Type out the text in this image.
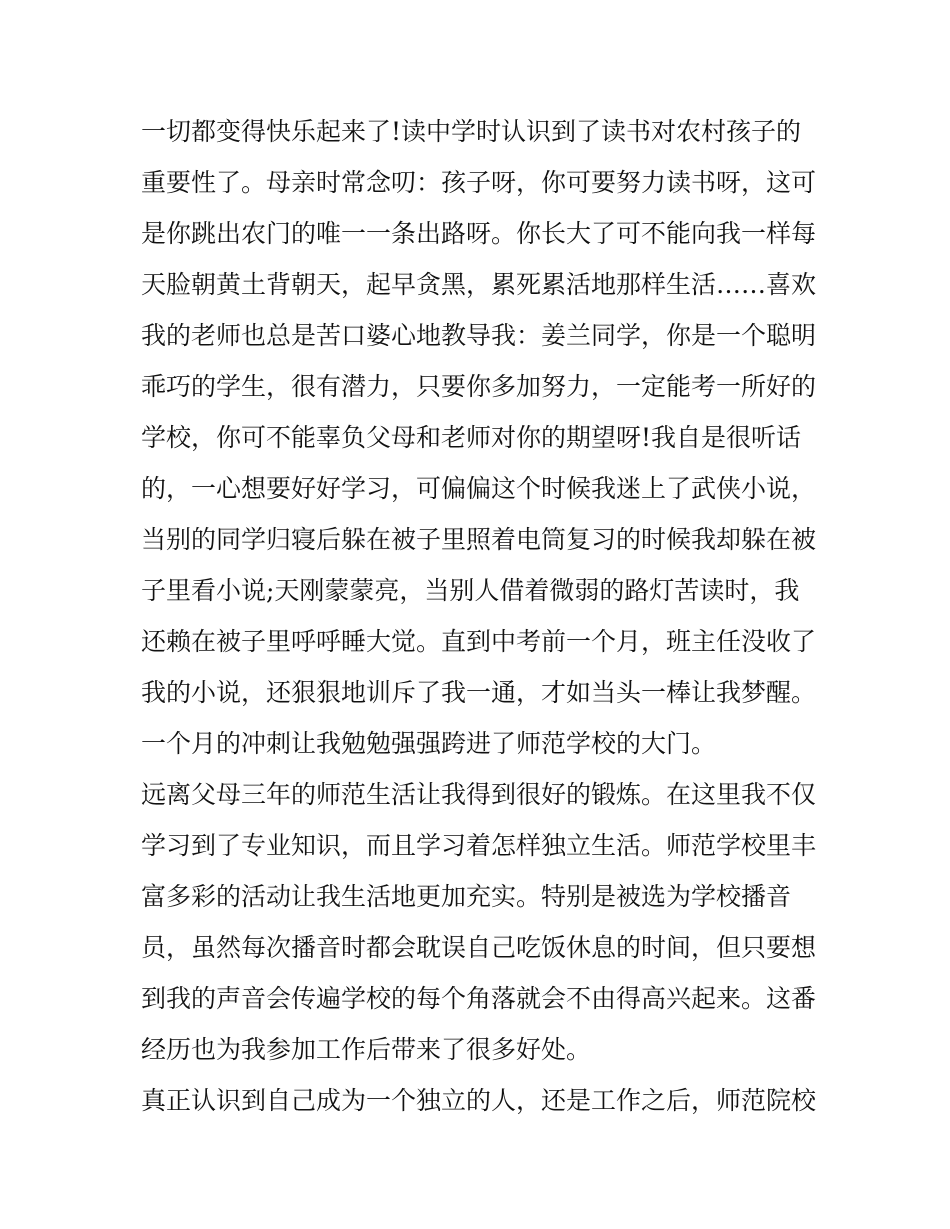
一切都变得快乐起来了!读中学时认识到了读书对农村孩子的
重要性了。母亲时常念叨：孩子呀，你可要努力读书呀，这可
是你跳出农门的唯一一条出路呀。你长大了可不能向我一样每
天脸朝黄土背朝天，起早贪黑，累死累活地那样生活……喜欢
我的老师也总是苦口婆心地教导我：姜兰同学，你是一个聪明
乖巧的学生，很有潜力，只要你多加努力，一定能考一所好的
学校，你可不能辜负父母和老师对你的期望呀!我自是很听话
的，一心想要好好学习，可偏偏这个时候我迷上了武侠小说，
当别的同学归寝后躲在被子里照着电筒复习的时候我却躲在被
子里看小说;天刚蒙蒙亮，当别人借着微弱的路灯苦读时，我
还赖在被子里呼呼睡大觉。直到中考前一个月，班主任没收了
我的小说，还狠狠地训斥了我一通，才如当头一棒让我梦醒。
一个月的冲刺让我勉勉强强跨进了师范学校的大门。
远离父母三年的师范生活让我得到很好的锻炼。在这里我不仅
学习到了专业知识，而且学习着怎样独立生活。师范学校里丰
富多彩的活动让我生活地更加充实。特别是被选为学校播音
员，虽然每次播音时都会耽误自己吃饭休息的时间，但只要想
到我的声音会传遍学校的每个角落就会不由得高兴起来。这番
经历也为我参加工作后带来了很多好处。
真正认识到自己成为一个独立的人，还是工作之后，师范院校
